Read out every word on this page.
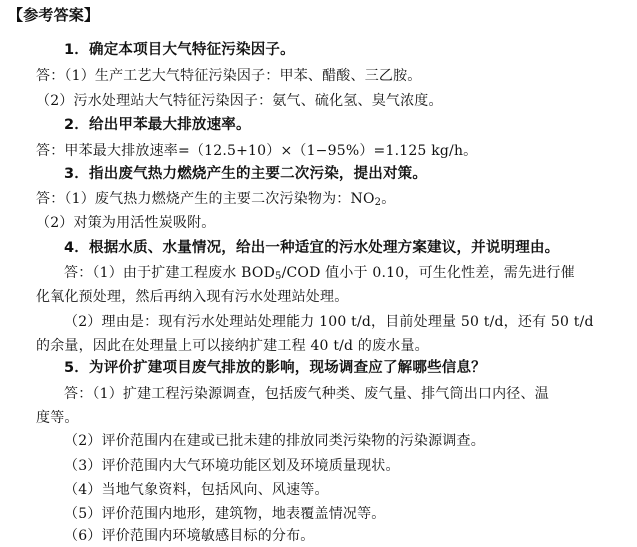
【参考答案】
1．确定本项目大气特征污染因子。
答：（1）生产工艺大气特征污染因子：甲苯、醋酸、三乙胺。
（2）污水处理站大气特征污染因子：氨气、硫化氢、臭气浓度。
2．给出甲苯最大排放速率。
答：甲苯最大排放速率=（12.5+10）×（1−95%）=1.125 kg/h。
3．指出废气热力燃烧产生的主要二次污染，提出对策。
答：（1）废气热力燃烧产生的主要二次污染物为：$NO_2$。
（2）对策为用活性炭吸附。
4．根据水质、水量情况，给出一种适宜的污水处理方案建议，并说明理由。
答：（1）由于扩建工程废水 $BOD_5$/COD 值小于 0.10，可生化性差，需先进行催
化氧化预处理，然后再纳入现有污水处理站处理。
（2）理由是：现有污水处理站处理能力 100 t/d，目前处理量 50 t/d，还有 50 t/d
的余量，因此在处理量上可以接纳扩建工程 40 t/d 的废水量。
5．为评价扩建项目废气排放的影响，现场调查应了解哪些信息？
答：（1）扩建工程污染源调查，包括废气种类、废气量、排气筒出口内径、温
度等。
（2）评价范围内在建或已批未建的排放同类污染物的污染源调查。
（3）评价范围内大气环境功能区划及环境质量现状。
（4）当地气象资料，包括风向、风速等。
（5）评价范围内地形，建筑物，地表覆盖情况等。
（6）评价范围内环境敏感目标的分布。
